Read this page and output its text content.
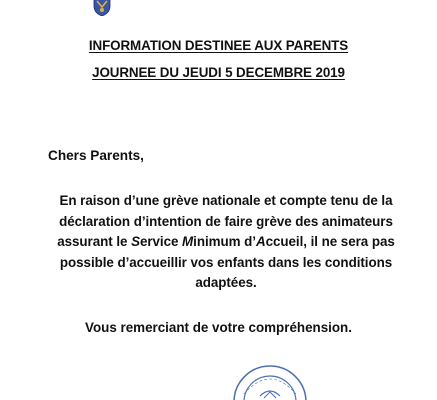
INFORMATION DESTINEE AUX PARENTS
JOURNEE DU JEUDI 5 DECEMBRE 2019
Chers Parents,
En raison d’une grève nationale et compte tenu de la
déclaration d’intention de faire grève des animateurs
assurant le Service Minimum d’Accueil, il ne sera pas
possible d’accueillir vos enfants dans les conditions
adaptées.
Vous remerciant de votre compréhension.
